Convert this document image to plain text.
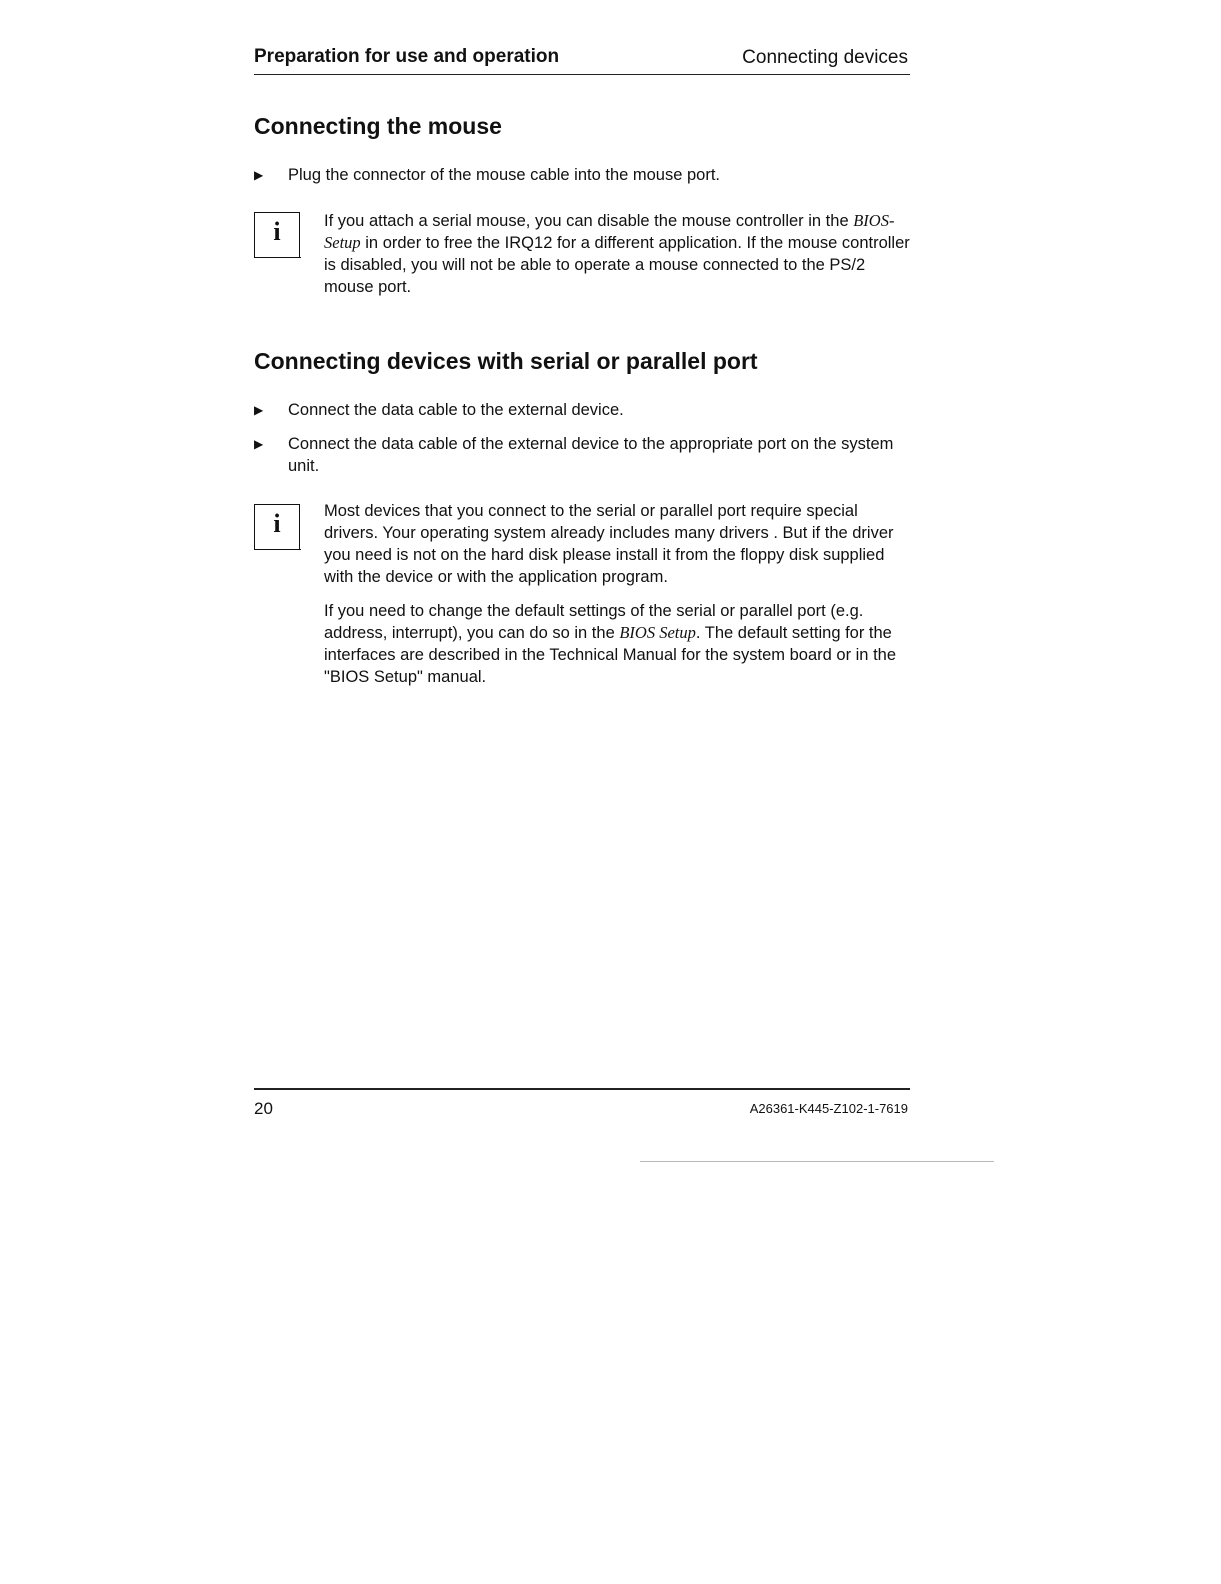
Preparation for use and operation	Connecting devices
Connecting the mouse
▶ Plug the connector of the mouse cable into the mouse port.
i	If you attach a serial mouse, you can disable the mouse controller in the BIOS-Setup in order to free the IRQ12 for a different application. If the mouse controller is disabled, you will not be able to operate a mouse connected to the PS/2 mouse port.

Connecting devices with serial or parallel port
▶ Connect the data cable to the external device.
▶ Connect the data cable of the external device to the appropriate port on the system unit.
i	Most devices that you connect to the serial or parallel port require special drivers. Your operating system already includes many drivers . But if the driver you need is not on the hard disk please install it from the floppy disk supplied with the device or with the application program.

If you need to change the default settings of the serial or parallel port (e.g. address, interrupt), you can do so in the BIOS Setup. The default setting for the interfaces are described in the Technical Manual for the system board or in the "BIOS Setup" manual.

20	A26361-K445-Z102-1-7619
